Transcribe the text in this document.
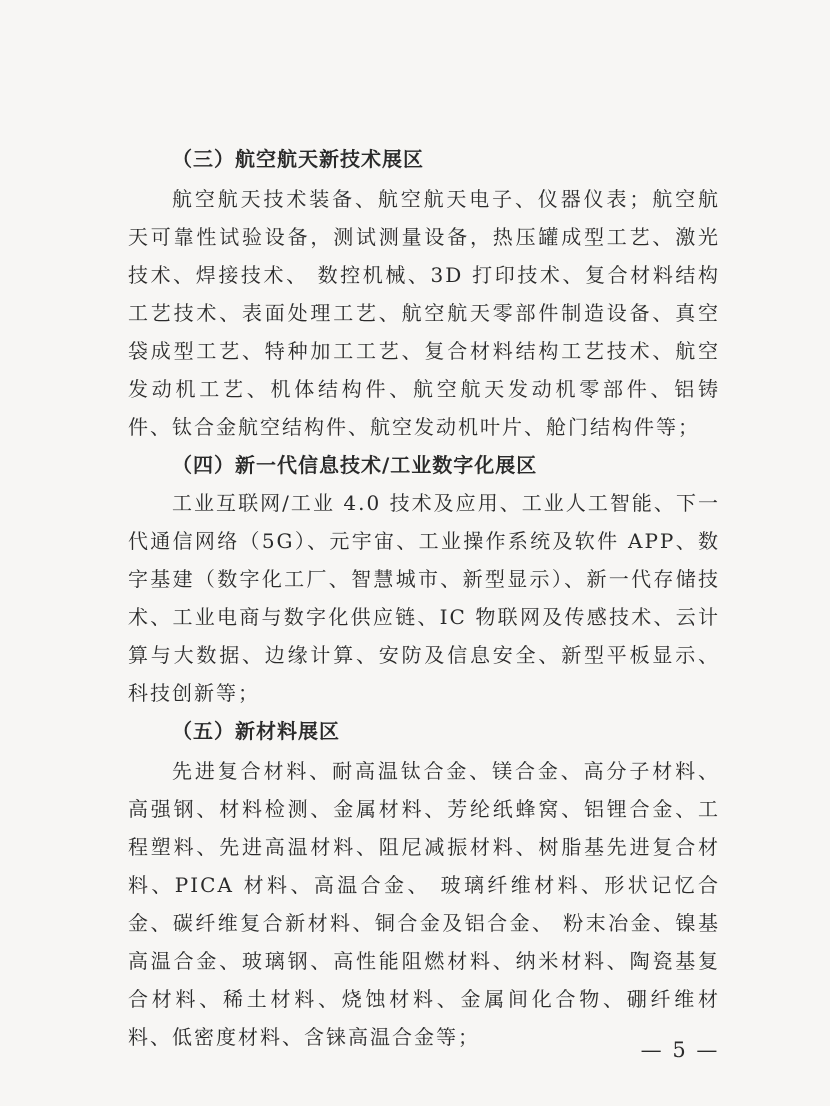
（三）航空航天新技术展区

航空航天技术装备、航空航天电子、仪器仪表；航空航天可靠性试验设备，测试测量设备，热压罐成型工艺、激光技术、焊接技术、 数控机械、3D 打印技术、复合材料结构工艺技术、表面处理工艺、航空航天零部件制造设备、真空袋成型工艺、特种加工工艺、复合材料结构工艺技术、航空发动机工艺、机体结构件、航空航天发动机零部件、铝铸件、钛合金航空结构件、航空发动机叶片、舱门结构件等；

（四）新一代信息技术/工业数字化展区

工业互联网/工业 4.0 技术及应用、工业人工智能、下一代通信网络（5G）、元宇宙、工业操作系统及软件 APP、数字基建（数字化工厂、智慧城市、新型显示）、新一代存储技术、工业电商与数字化供应链、IC 物联网及传感技术、云计算与大数据、边缘计算、安防及信息安全、新型平板显示、科技创新等；

（五）新材料展区

先进复合材料、耐高温钛合金、镁合金、高分子材料、高强钢、材料检测、金属材料、芳纶纸蜂窝、铝锂合金、工程塑料、先进高温材料、阻尼减振材料、树脂基先进复合材料、PICA 材料、高温合金、 玻璃纤维材料、形状记忆合金、碳纤维复合新材料、铜合金及铝合金、 粉末冶金、镍基高温合金、玻璃钢、高性能阻燃材料、纳米材料、陶瓷基复合材料、稀土材料、烧蚀材料、金属间化合物、硼纤维材料、低密度材料、含铼高温合金等；

— 5 —
